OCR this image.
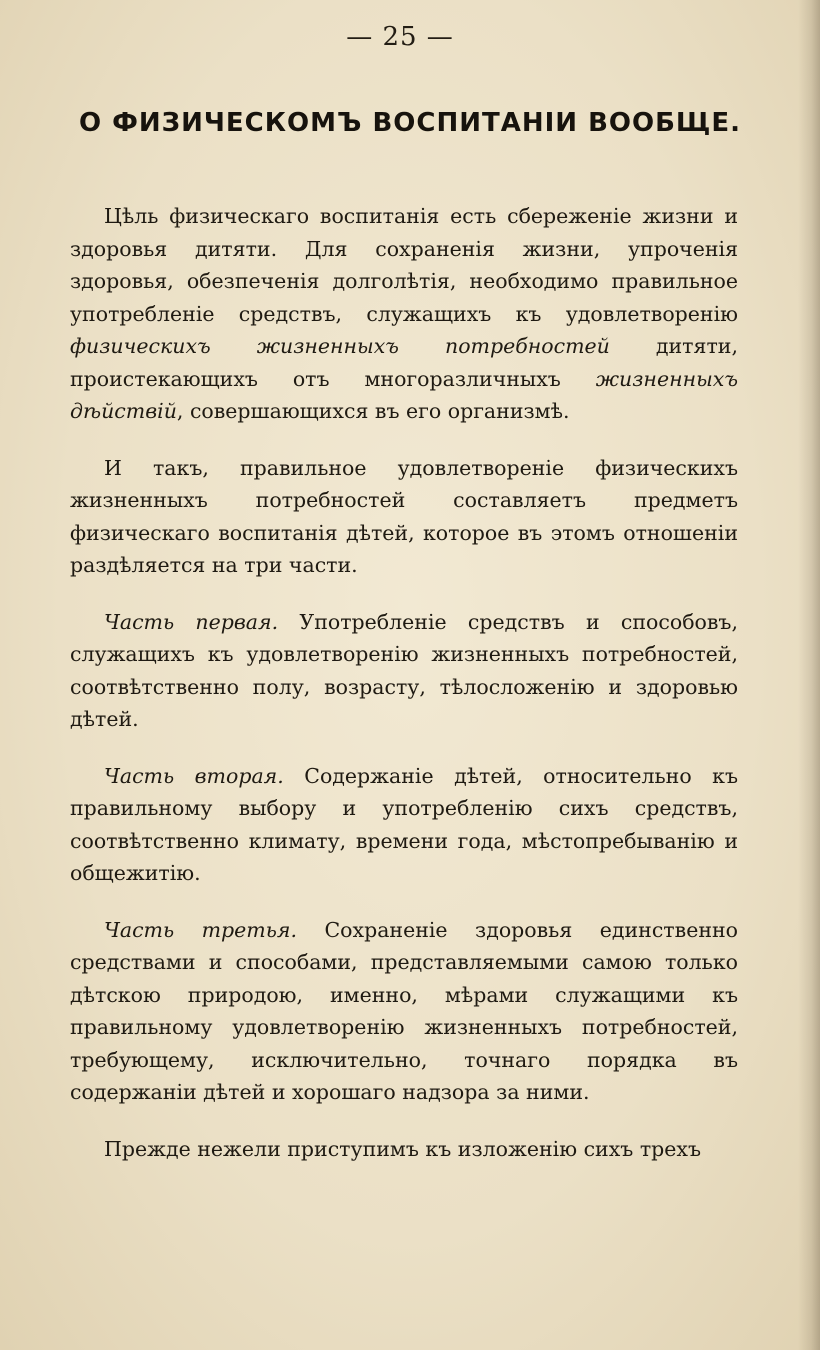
— 25 —
О ФИЗИЧЕСКОМЪ ВОСПИТАНІИ ВООБЩЕ.

Цѣль физическаго воспитанія есть сбереженіе жизни и здоровья дитяти. Для сохраненія жизни, упроченія здоровья, обезпеченія долголѣтія, необходимо правильное употребленіе средствъ, служащихъ къ удовлетворенію физическихъ жизненныхъ потребностей дитяти, проистекающихъ отъ многоразличныхъ жизненныхъ дѣйствій, совершающихся въ его организмѣ.

И такъ, правильное удовлетвореніе физическихъ жизненныхъ потребностей составляетъ предметъ физическаго воспитанія дѣтей, которое въ этомъ отношеніи раздѣляется на три части.

Часть первая. Употребленіе средствъ и способовъ, служащихъ къ удовлетворенію жизненныхъ потребностей, соотвѣтственно полу, возрасту, тѣлосложенію и здоровью дѣтей.

Часть вторая. Содержаніе дѣтей, относительно къ правильному выбору и употребленію сихъ средствъ, соотвѣтственно климату, времени года, мѣстопребыванію и общежитію.

Часть третья. Сохраненіе здоровья единственно средствами и способами, представляемыми самою только дѣтскою природою, именно, мѣрами служащими къ правильному удовлетворенію жизненныхъ потребностей, требующему, исключительно, точнаго порядка въ содержаніи дѣтей и хорошаго надзора за ними.

Прежде нежели приступимъ къ изложенію сихъ трехъ
